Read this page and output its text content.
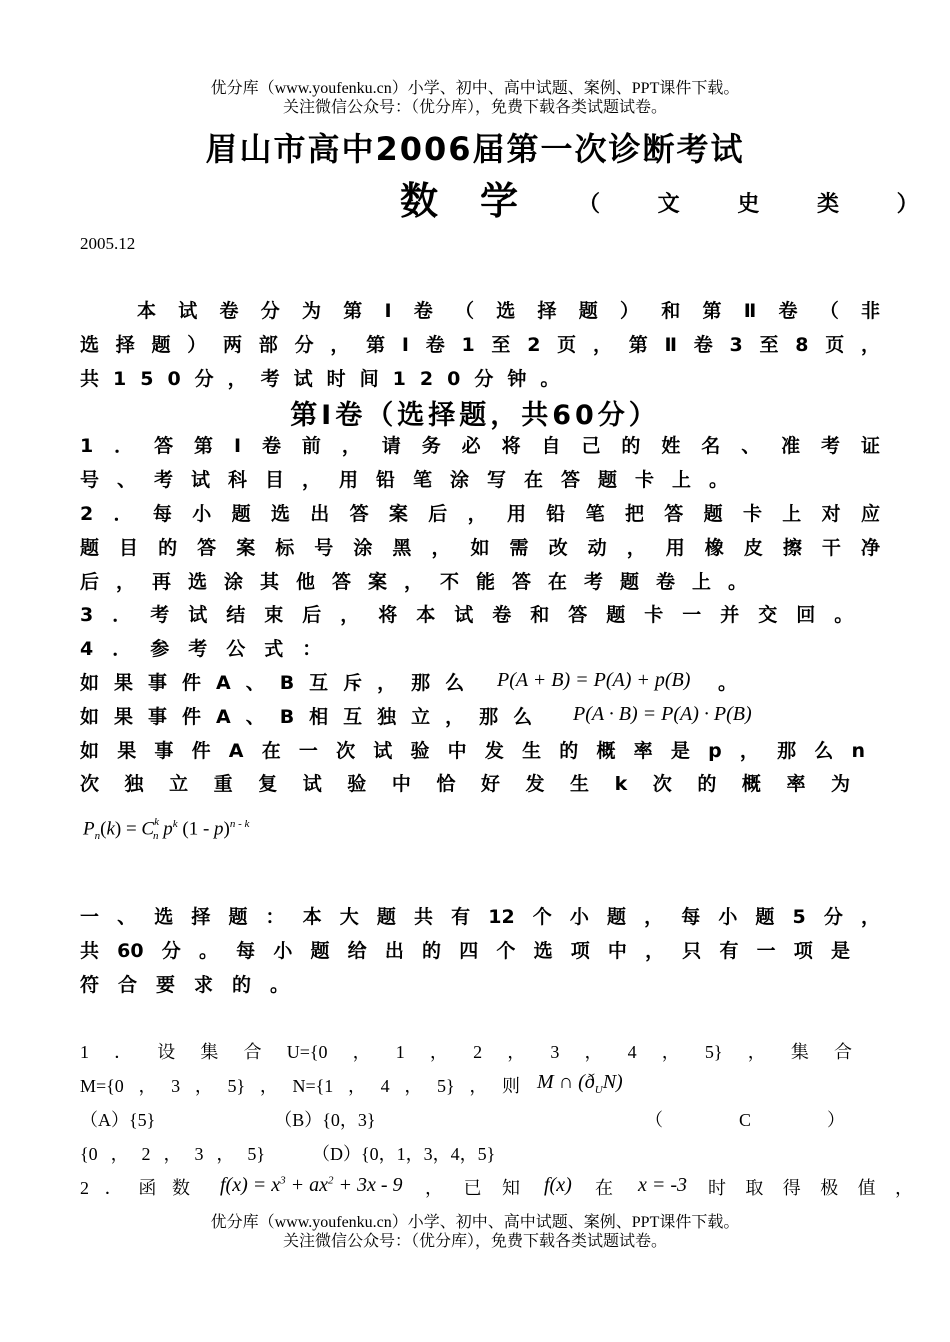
优分库（www.youfenku.cn）小学、初中、高中试题、案例、PPT课件下载。
关注微信公众号：（优分库），免费下载各类试题试卷。
眉山市高中2006届第一次诊断考试
数学 （ 文 史 类 ）
2005.12
本试卷分为第Ⅰ卷（选择题）和第Ⅱ卷（非
选择题）两部分，第Ⅰ卷1至2页，第Ⅱ卷3至8页，
共150分，考试时间120分钟。
第Ⅰ卷（选择题，共60分）
1．答第Ⅰ卷前，请务必将自己的姓名、准考证
号、考试科目，用铅笔涂写在答题卡上。
2．每小题选出答案后，用铅笔把答题卡上对应
题目的答案标号涂黑，如需改动，用橡皮擦干净
后，再选涂其他答案，不能答在考题卷上。
3．考试结束后，将本试卷和答题卡一并交回。
4．参考公式：
如果事件A、B互斥，那么 P(A + B) = P(A) + p(B) 。
如果事件A、B相互独立，那么	P(A · B) = P(A) · P(B)
如果事件A在一次试验中发生的概率是p，那么n
次独立重复试验中恰好发生k次的概率为
$P_n(k) = C^k_n$ $p^k$ (1 - p)$^{n - k}$
一、选择题：本大题共有12个小题，每小题5分，
共60分。每小题给出的四个选项中，只有一项是
符合要求的。
1．设集合U={0，1，2，3，4，5}，集合
M={0，3，5}，N={1，4，5}，则 M ∩ $(ð_UN)$
（A）{5}	（B）{0，3}	（C）
{0，2，3，5}	（D）{0，1，3，4，5}
2．函数 $f(x) = x^3 + ax^2 + 3x - 9$ ，已知 f(x) 在 x = -3 时取得极值，
优分库（www.youfenku.cn）小学、初中、高中试题、案例、PPT课件下载。
关注微信公众号：（优分库），免费下载各类试题试卷。
